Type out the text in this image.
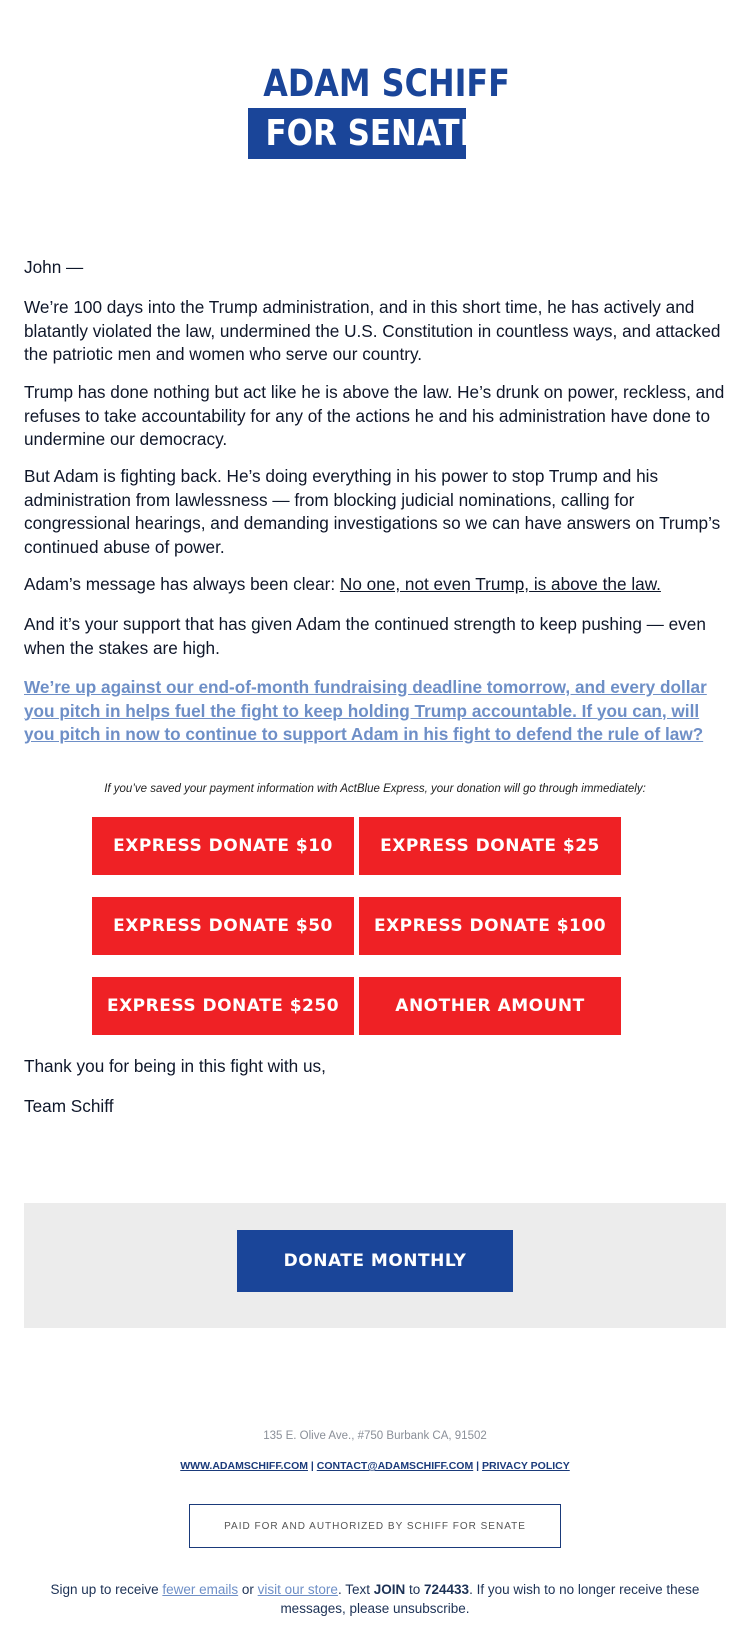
ADAM SCHIFF
FOR SENATE

John —

We’re 100 days into the Trump administration, and in this short time, he has actively and blatantly violated the law, undermined the U.S. Constitution in countless ways, and attacked the patriotic men and women who serve our country.

Trump has done nothing but act like he is above the law. He’s drunk on power, reckless, and refuses to take accountability for any of the actions he and his administration have done to undermine our democracy.

But Adam is fighting back. He’s doing everything in his power to stop Trump and his administration from lawlessness — from blocking judicial nominations, calling for congressional hearings, and demanding investigations so we can have answers on Trump’s continued abuse of power.

Adam’s message has always been clear: No one, not even Trump, is above the law.

And it’s your support that has given Adam the continued strength to keep pushing — even when the stakes are high.

We’re up against our end-of-month fundraising deadline tomorrow, and every dollar you pitch in helps fuel the fight to keep holding Trump accountable. If you can, will you pitch in now to continue to support Adam in his fight to defend the rule of law?
If you’ve saved your payment information with ActBlue Express, your donation will go through immediately:
EXPRESS DONATE $10	EXPRESS DONATE $25
EXPRESS DONATE $50	EXPRESS DONATE $100
EXPRESS DONATE $250	ANOTHER AMOUNT

Thank you for being in this fight with us,

Team Schiff

DONATE MONTHLY
135 E. Olive Ave., #750 Burbank CA, 91502
WWW.ADAMSCHIFF.COM | CONTACT@ADAMSCHIFF.COM | PRIVACY POLICY
PAID FOR AND AUTHORIZED BY SCHIFF FOR SENATE
Sign up to receive fewer emails or visit our store. Text JOIN to 724433. If you wish to no longer receive these messages, please unsubscribe.
